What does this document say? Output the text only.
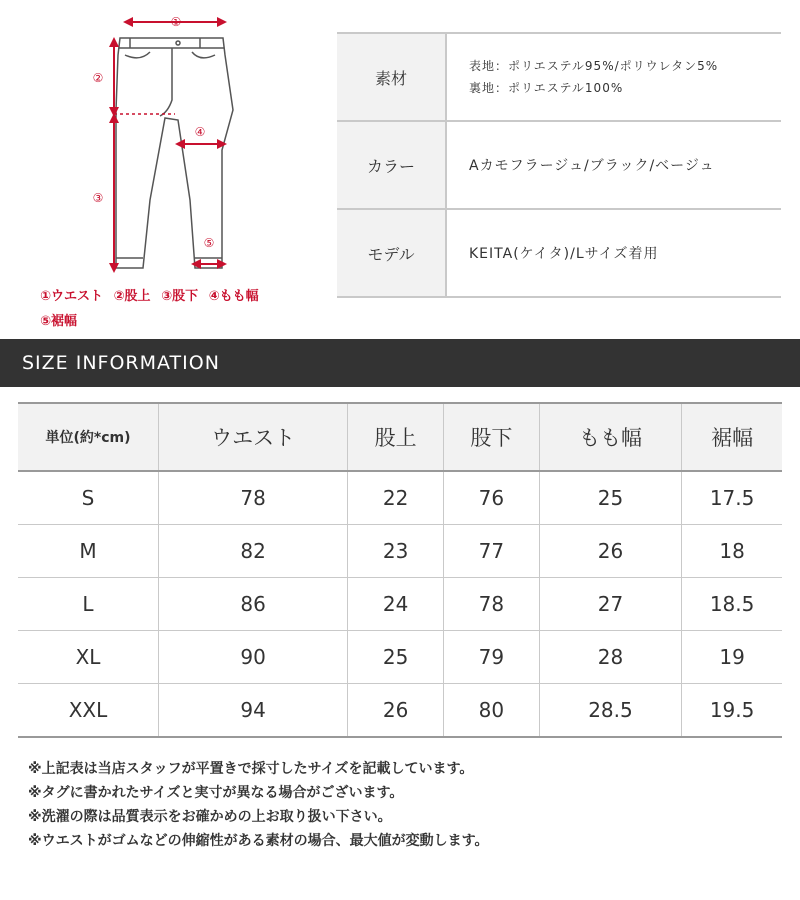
①
②
③
④
⑤
①ウエスト ②股上 ③股下 ④もも幅
⑤裾幅
素材	表地：ポリエステル95%/ポリウレタン5%
裏地：ポリエステル100%

カラー	Aカモフラージュ/ブラック/ベージュ
モデル	KEITA(ケイタ)/Lサイズ着用
SIZE INFORMATION
単位(約*cm)	ウエスト	股上	股下	もも幅	裾幅
S	78	22	76	25	17.5
M	82	23	77	26	18
L	86	24	78	27	18.5
XL	90	25	79	28	19
XXL	94	26	80	28.5	19.5
※上記表は当店スタッフが平置きで採寸したサイズを記載しています。
※タグに書かれたサイズと実寸が異なる場合がございます。
※洗濯の際は品質表示をお確かめの上お取り扱い下さい。
※ウエストがゴムなどの伸縮性がある素材の場合、最大値が変動します。
